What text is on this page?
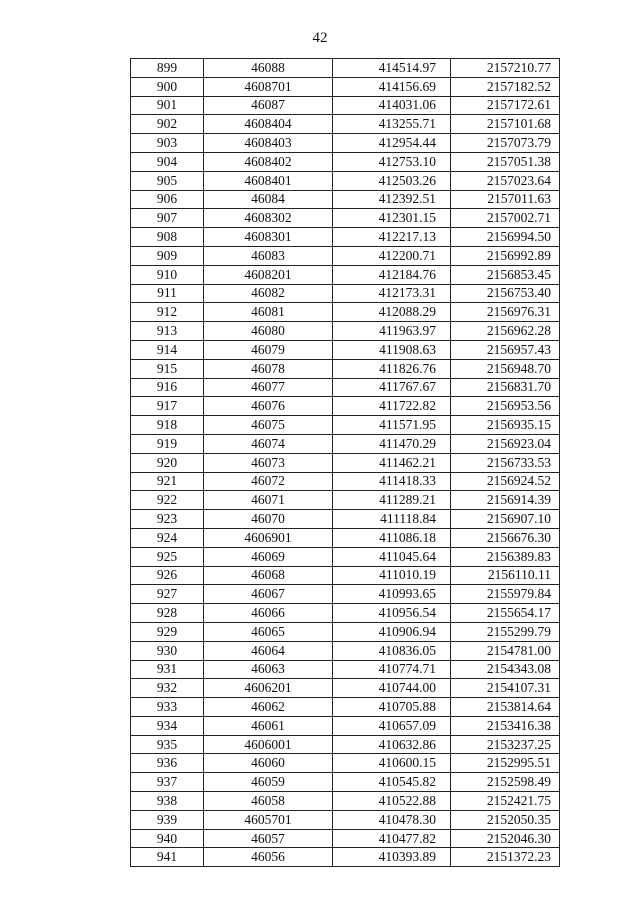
42
899	46088	414514.97	2157210.77
900	4608701	414156.69	2157182.52
901	46087	414031.06	2157172.61
902	4608404	413255.71	2157101.68
903	4608403	412954.44	2157073.79
904	4608402	412753.10	2157051.38
905	4608401	412503.26	2157023.64
906	46084	412392.51	2157011.63
907	4608302	412301.15	2157002.71
908	4608301	412217.13	2156994.50
909	46083	412200.71	2156992.89
910	4608201	412184.76	2156853.45
911	46082	412173.31	2156753.40
912	46081	412088.29	2156976.31
913	46080	411963.97	2156962.28
914	46079	411908.63	2156957.43
915	46078	411826.76	2156948.70
916	46077	411767.67	2156831.70
917	46076	411722.82	2156953.56
918	46075	411571.95	2156935.15
919	46074	411470.29	2156923.04
920	46073	411462.21	2156733.53
921	46072	411418.33	2156924.52
922	46071	411289.21	2156914.39
923	46070	411118.84	2156907.10
924	4606901	411086.18	2156676.30
925	46069	411045.64	2156389.83
926	46068	411010.19	2156110.11
927	46067	410993.65	2155979.84
928	46066	410956.54	2155654.17
929	46065	410906.94	2155299.79
930	46064	410836.05	2154781.00
931	46063	410774.71	2154343.08
932	4606201	410744.00	2154107.31
933	46062	410705.88	2153814.64
934	46061	410657.09	2153416.38
935	4606001	410632.86	2153237.25
936	46060	410600.15	2152995.51
937	46059	410545.82	2152598.49
938	46058	410522.88	2152421.75
939	4605701	410478.30	2152050.35
940	46057	410477.82	2152046.30
941	46056	410393.89	2151372.23
